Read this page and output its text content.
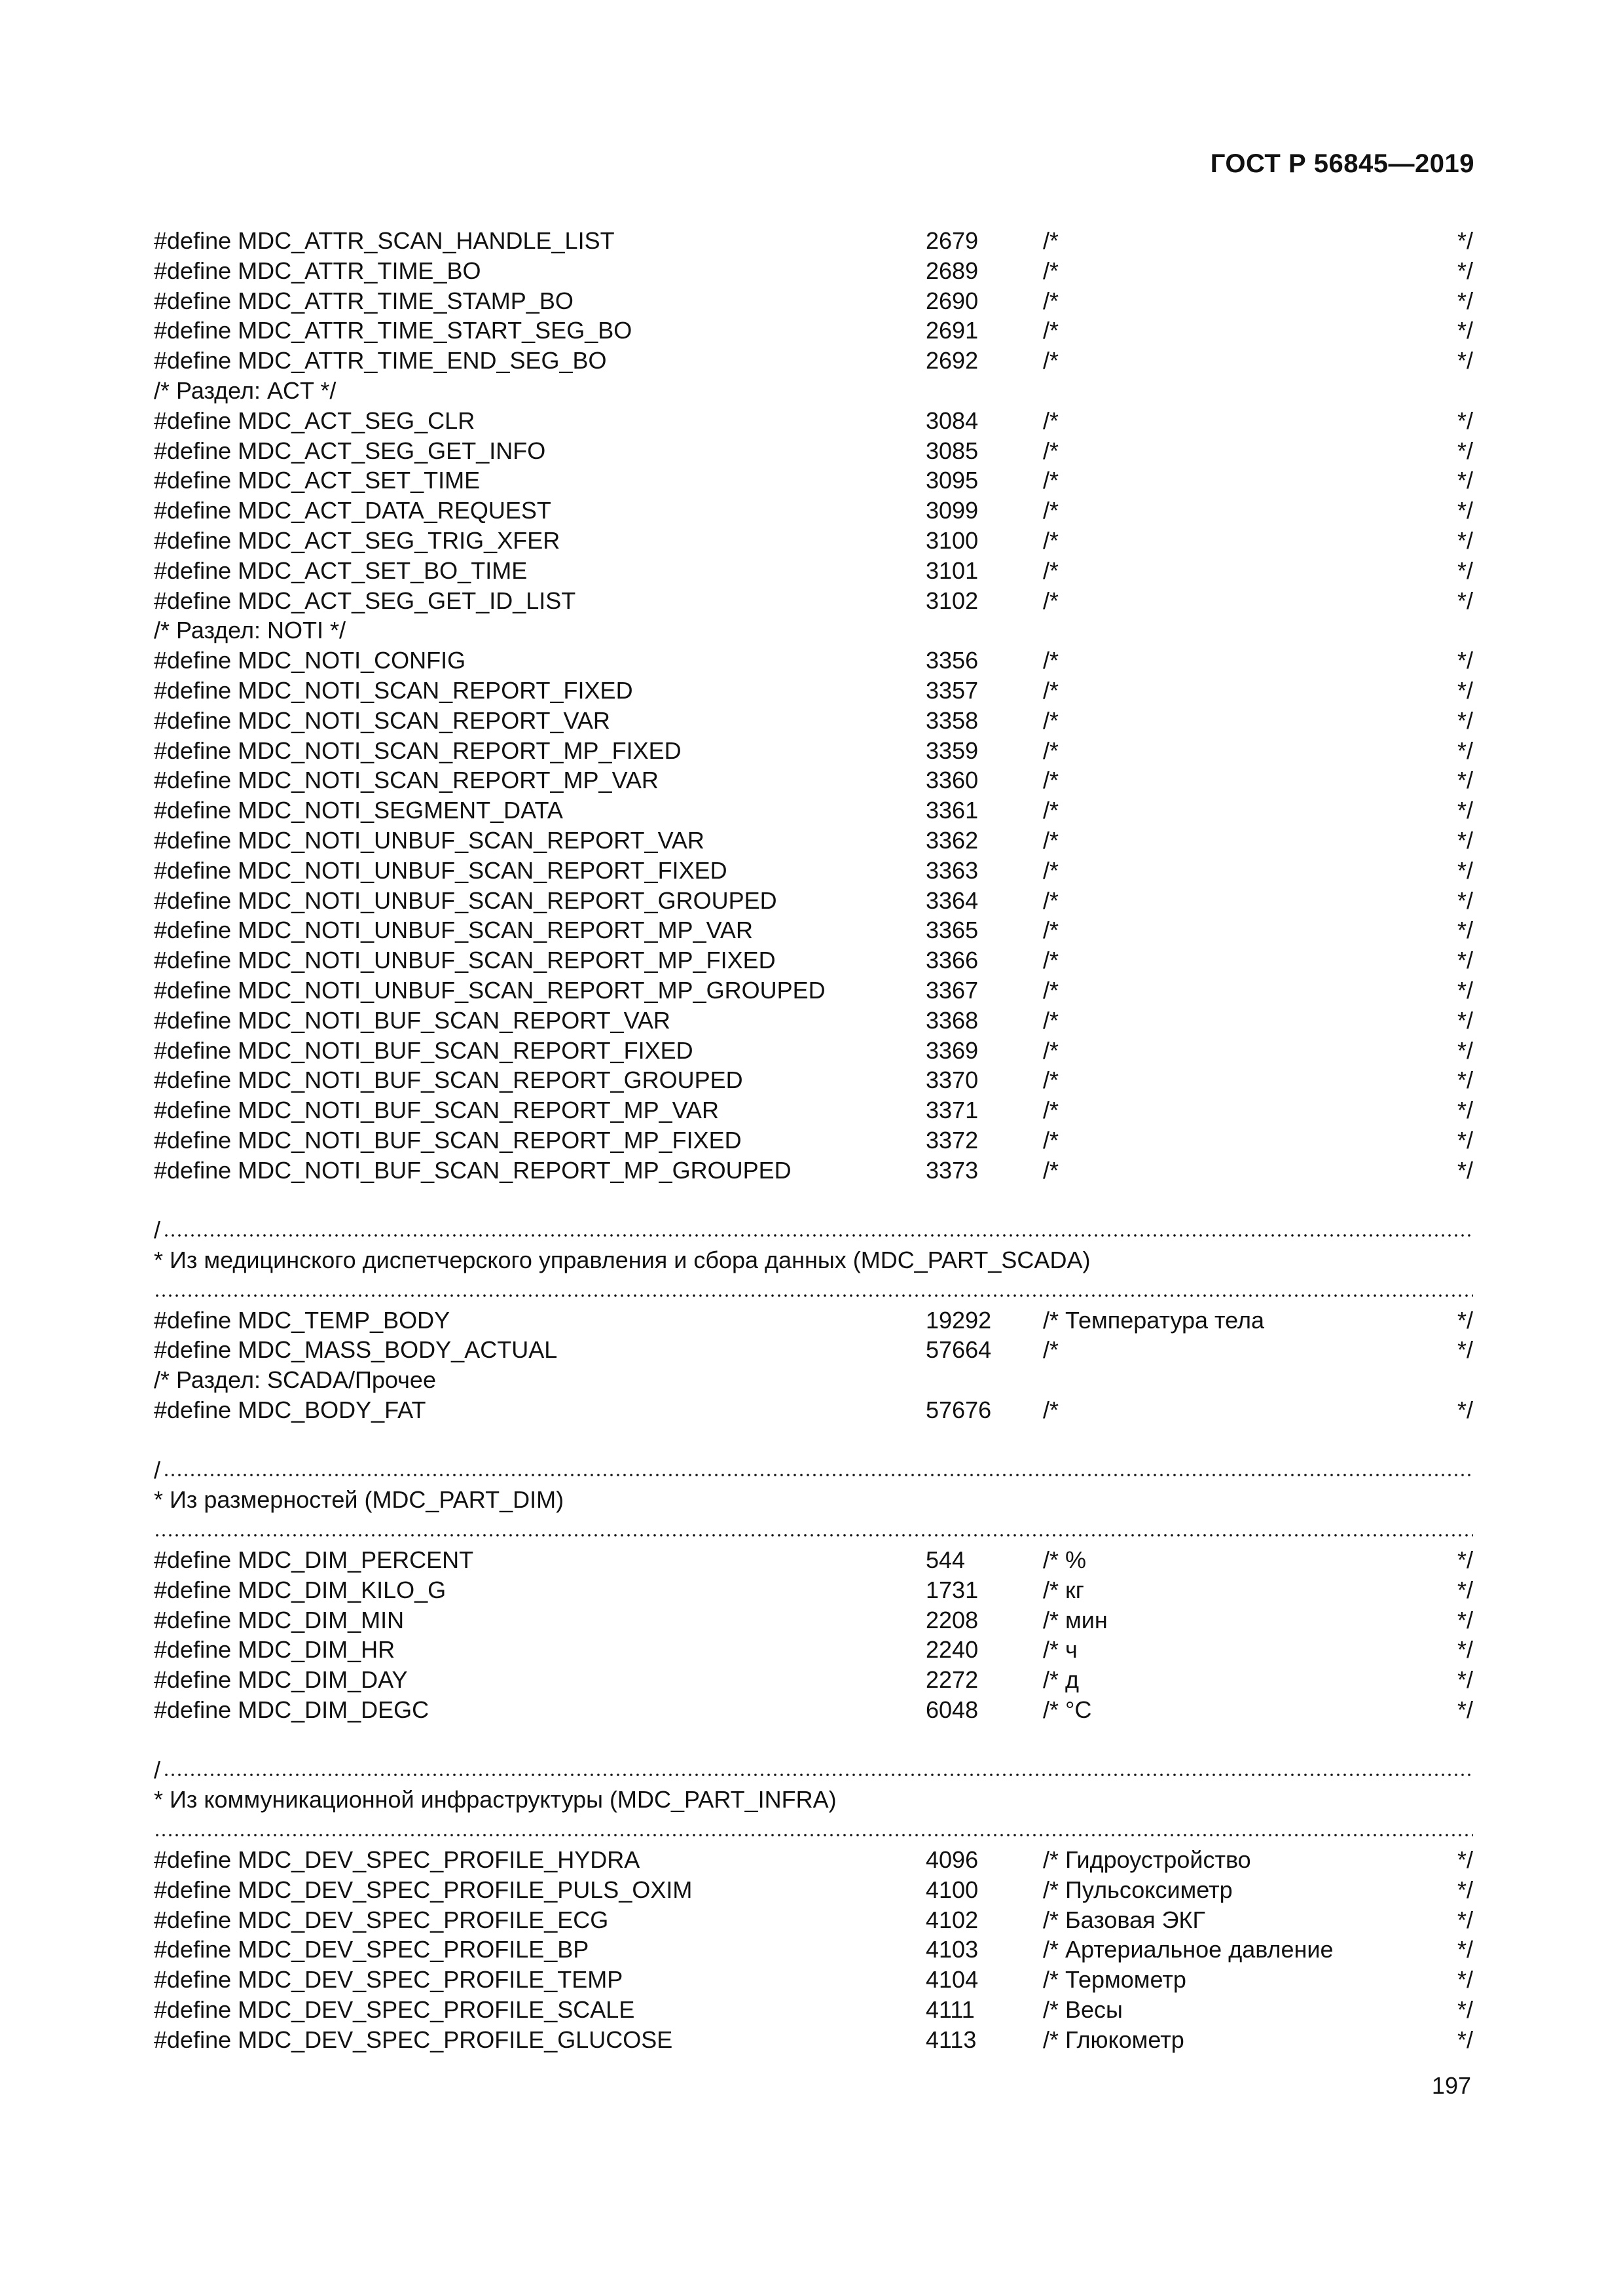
ГОСТ Р 56845—2019
#define MDC_ATTR_SCAN_HANDLE_LIST	2679	/*	*/
#define MDC_ATTR_TIME_BO	2689	/*	*/
#define MDC_ATTR_TIME_STAMP_BO	2690	/*	*/
#define MDC_ATTR_TIME_START_SEG_BO	2691	/*	*/
#define MDC_ATTR_TIME_END_SEG_BO	2692	/*	*/
/* Раздел: ACT */
#define MDC_ACT_SEG_CLR	3084	/*	*/
#define MDC_ACT_SEG_GET_INFO	3085	/*	*/
#define MDC_ACT_SET_TIME	3095	/*	*/
#define MDC_ACT_DATA_REQUEST	3099	/*	*/
#define MDC_ACT_SEG_TRIG_XFER	3100	/*	*/
#define MDC_ACT_SET_BO_TIME	3101	/*	*/
#define MDC_ACT_SEG_GET_ID_LIST	3102	/*	*/
/* Раздел: NOTI */
#define MDC_NOTI_CONFIG	3356	/*	*/
#define MDC_NOTI_SCAN_REPORT_FIXED	3357	/*	*/
#define MDC_NOTI_SCAN_REPORT_VAR	3358	/*	*/
#define MDC_NOTI_SCAN_REPORT_MP_FIXED	3359	/*	*/
#define MDC_NOTI_SCAN_REPORT_MP_VAR	3360	/*	*/
#define MDC_NOTI_SEGMENT_DATA	3361	/*	*/
#define MDC_NOTI_UNBUF_SCAN_REPORT_VAR	3362	/*	*/
#define MDC_NOTI_UNBUF_SCAN_REPORT_FIXED	3363	/*	*/
#define MDC_NOTI_UNBUF_SCAN_REPORT_GROUPED	3364	/*	*/
#define MDC_NOTI_UNBUF_SCAN_REPORT_MP_VAR	3365	/*	*/
#define MDC_NOTI_UNBUF_SCAN_REPORT_MP_FIXED	3366	/*	*/
#define MDC_NOTI_UNBUF_SCAN_REPORT_MP_GROUPED	3367	/*	*/
#define MDC_NOTI_BUF_SCAN_REPORT_VAR	3368	/*	*/
#define MDC_NOTI_BUF_SCAN_REPORT_FIXED	3369	/*	*/
#define MDC_NOTI_BUF_SCAN_REPORT_GROUPED	3370	/*	*/
#define MDC_NOTI_BUF_SCAN_REPORT_MP_VAR	3371	/*	*/
#define MDC_NOTI_BUF_SCAN_REPORT_MP_FIXED	3372	/*	*/
#define MDC_NOTI_BUF_SCAN_REPORT_MP_GROUPED	3373	/*	*/
/
* Из медицинского диспетчерского управления и сбора данных (MDC_PART_SCADA)
#define MDC_TEMP_BODY	19292 /* Температура тела	*/
#define MDC_MASS_BODY_ACTUAL	57664 /*	*/
/* Раздел: SCADA/Прочее
#define MDC_BODY_FAT	57676 /*	*/
/
* Из размерностей (MDC_PART_DIM)
#define MDC_DIM_PERCENT	544	/* %	*/
#define MDC_DIM_KILO_G	1731	/* кг	*/
#define MDC_DIM_MIN	2208	/* мин	*/
#define MDC_DIM_HR	2240	/* ч	*/
#define MDC_DIM_DAY	2272	/* д	*/
#define MDC_DIM_DEGC	6048	/* °C	*/
/
* Из коммуникационной инфраструктуры (MDC_PART_INFRA)
#define MDC_DEV_SPEC_PROFILE_HYDRA	4096	/* Гидроустройство	*/
#define MDC_DEV_SPEC_PROFILE_PULS_OXIM	4100	/* Пульсоксиметр	*/
#define MDC_DEV_SPEC_PROFILE_ECG	4102	/* Базовая ЭКГ	*/
#define MDC_DEV_SPEC_PROFILE_BP	4103	/* Артериальное давление	*/
#define MDC_DEV_SPEC_PROFILE_TEMP	4104	/* Термометр	*/
#define MDC_DEV_SPEC_PROFILE_SCALE	4111	/* Весы	*/
#define MDC_DEV_SPEC_PROFILE_GLUCOSE	4113	/* Глюкометр	*/
197
